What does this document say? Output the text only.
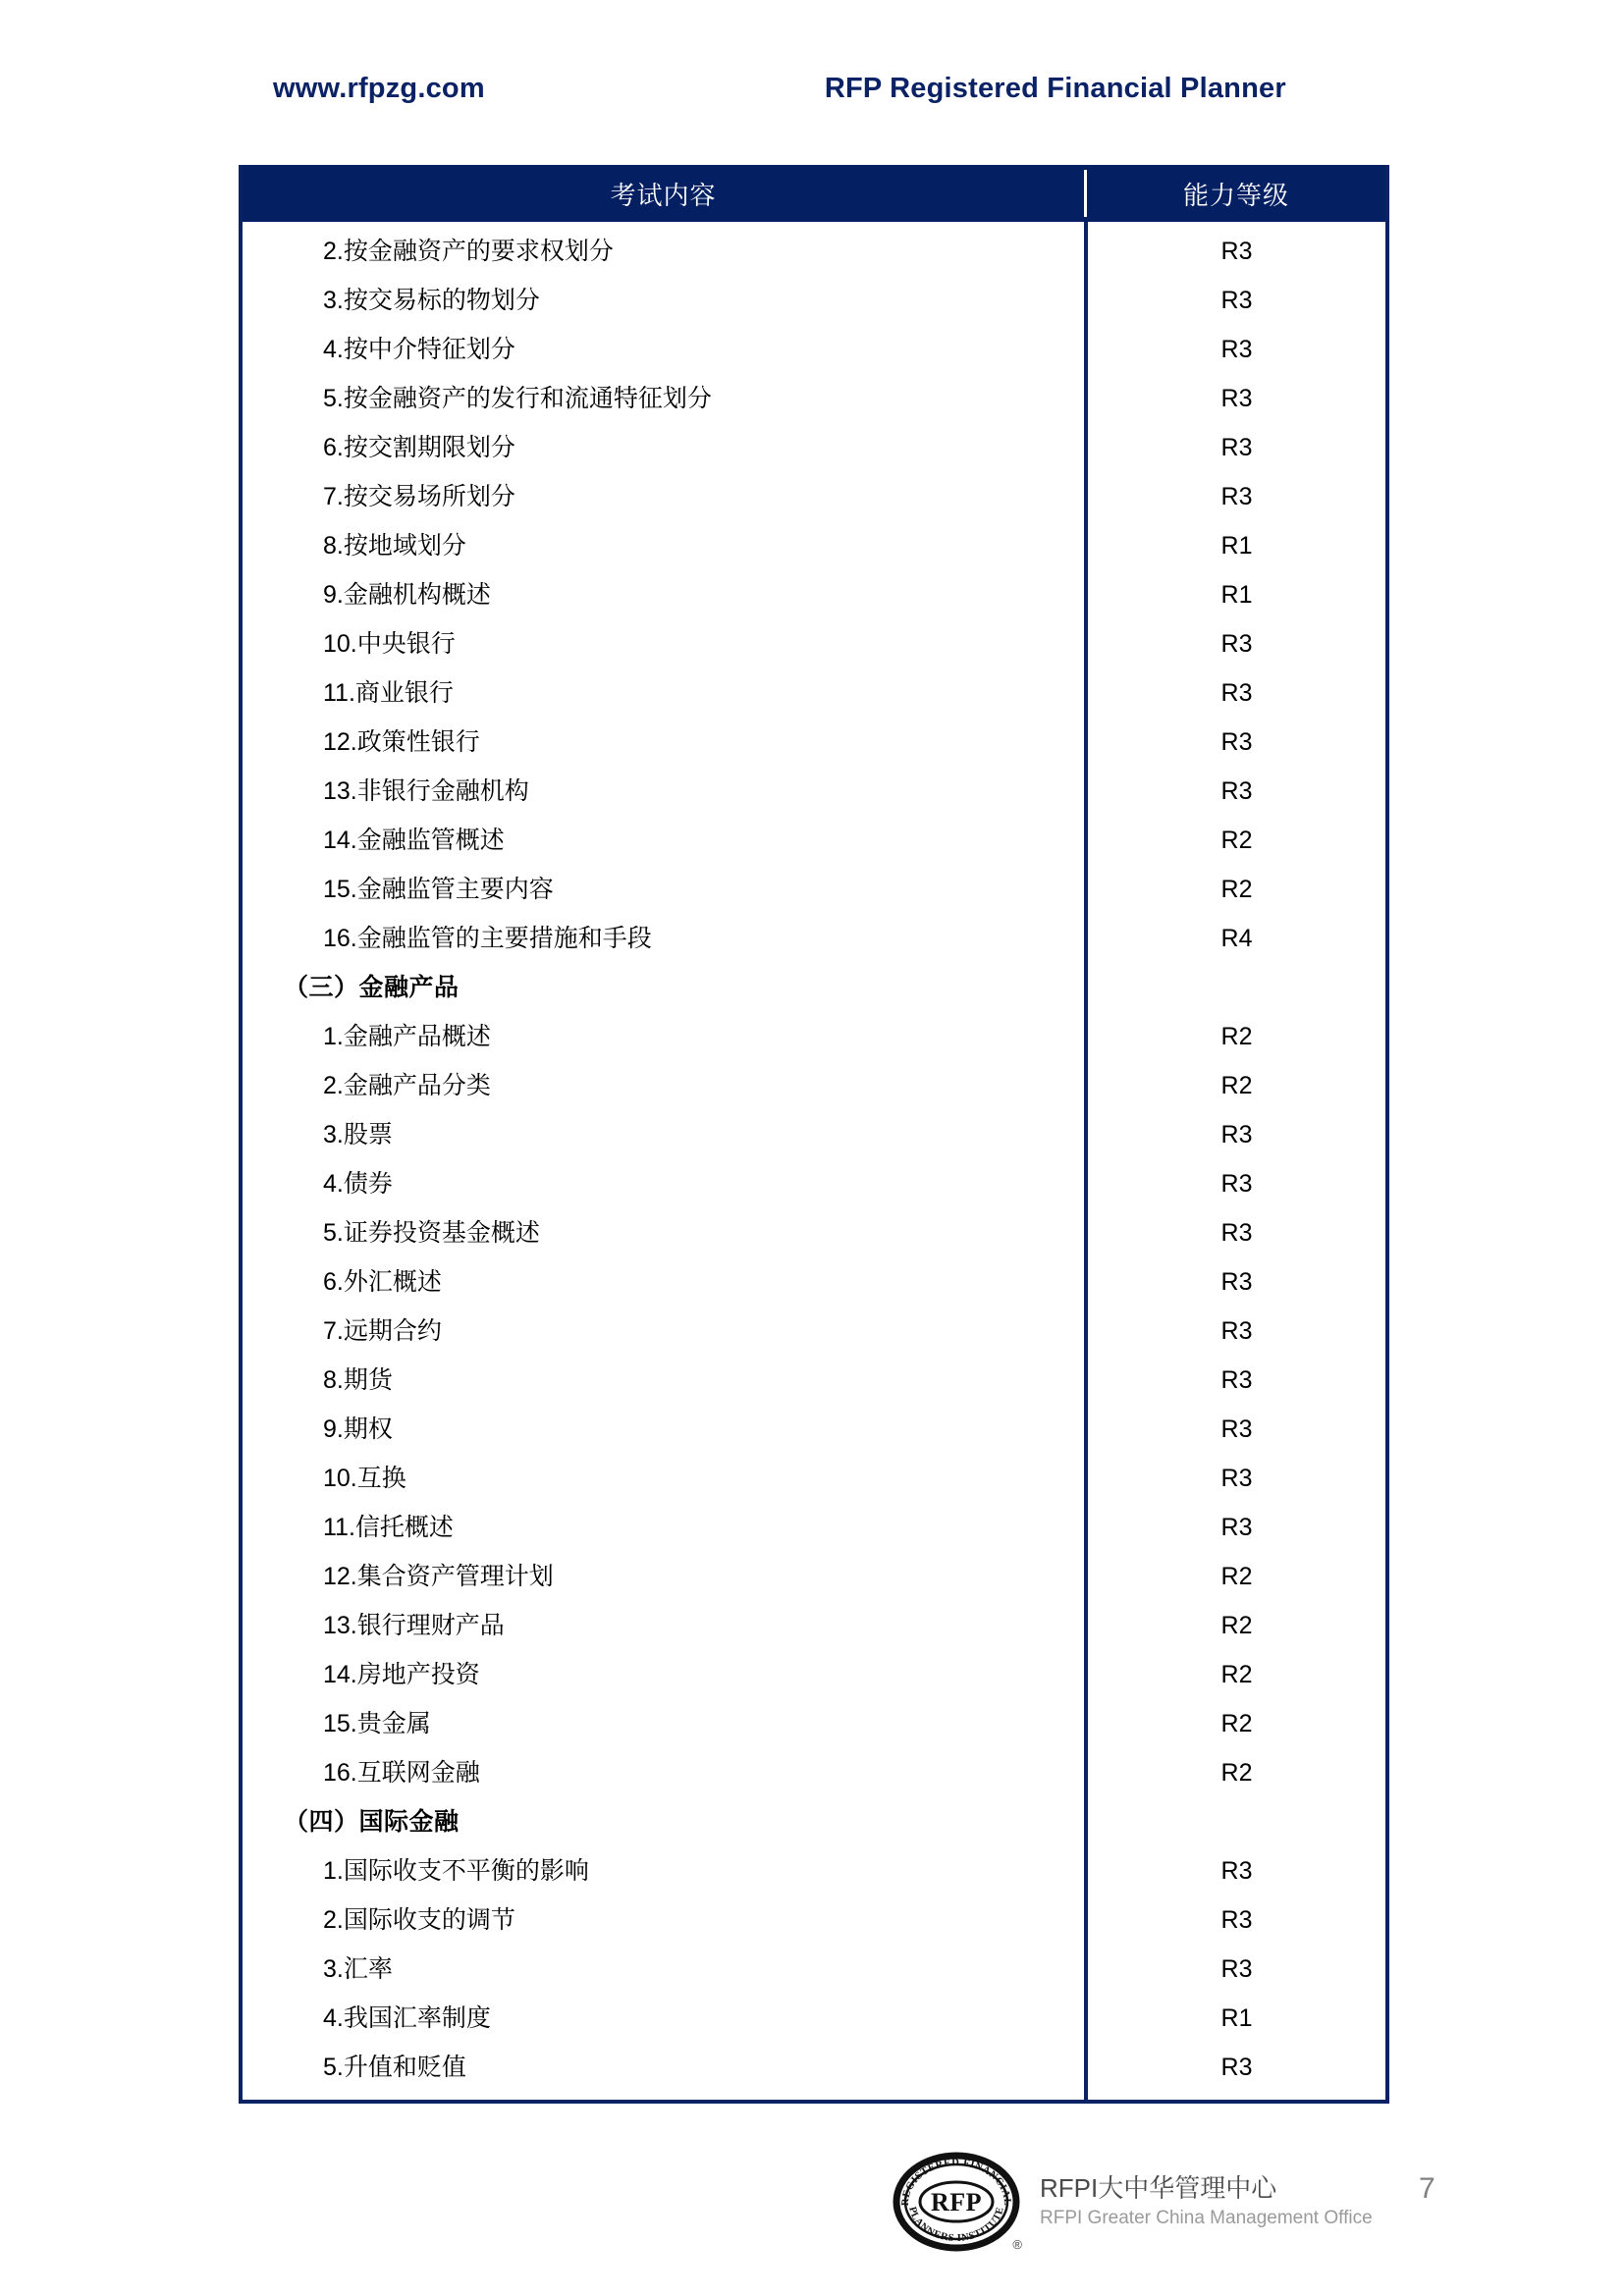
www.rfpzg.com	RFP Registered Financial Planner
考试内容	能力等级
2.按金融资产的要求权划分	R3
3.按交易标的物划分	R3
4.按中介特征划分	R3
5.按金融资产的发行和流通特征划分	R3
6.按交割期限划分	R3
7.按交易场所划分	R3
8.按地域划分	R1
9.金融机构概述	R1
10.中央银行	R3
11.商业银行	R3
12.政策性银行	R3
13.非银行金融机构	R3
14.金融监管概述	R2
15.金融监管主要内容	R2
16.金融监管的主要措施和手段	R4
（三）金融产品
1.金融产品概述	R2
2.金融产品分类	R2
3.股票	R3
4.债券	R3
5.证券投资基金概述	R3
6.外汇概述	R3
7.远期合约	R3
8.期货	R3
9.期权	R3
10.互换	R3
11.信托概述	R3
12.集合资产管理计划	R2
13.银行理财产品	R2
14.房地产投资	R2
15.贵金属	R2
16.互联网金融	R2
（四）国际金融
1.国际收支不平衡的影响	R3
2.国际收支的调节	R3
3.汇率	R3
4.我国汇率制度	R1
5.升值和贬值	R3
REGISTERED FINANCIAL
PLANNERS INSTITUTE
RFP
®
RFPI大中华管理中心
RFPI Greater China Management Office
7
